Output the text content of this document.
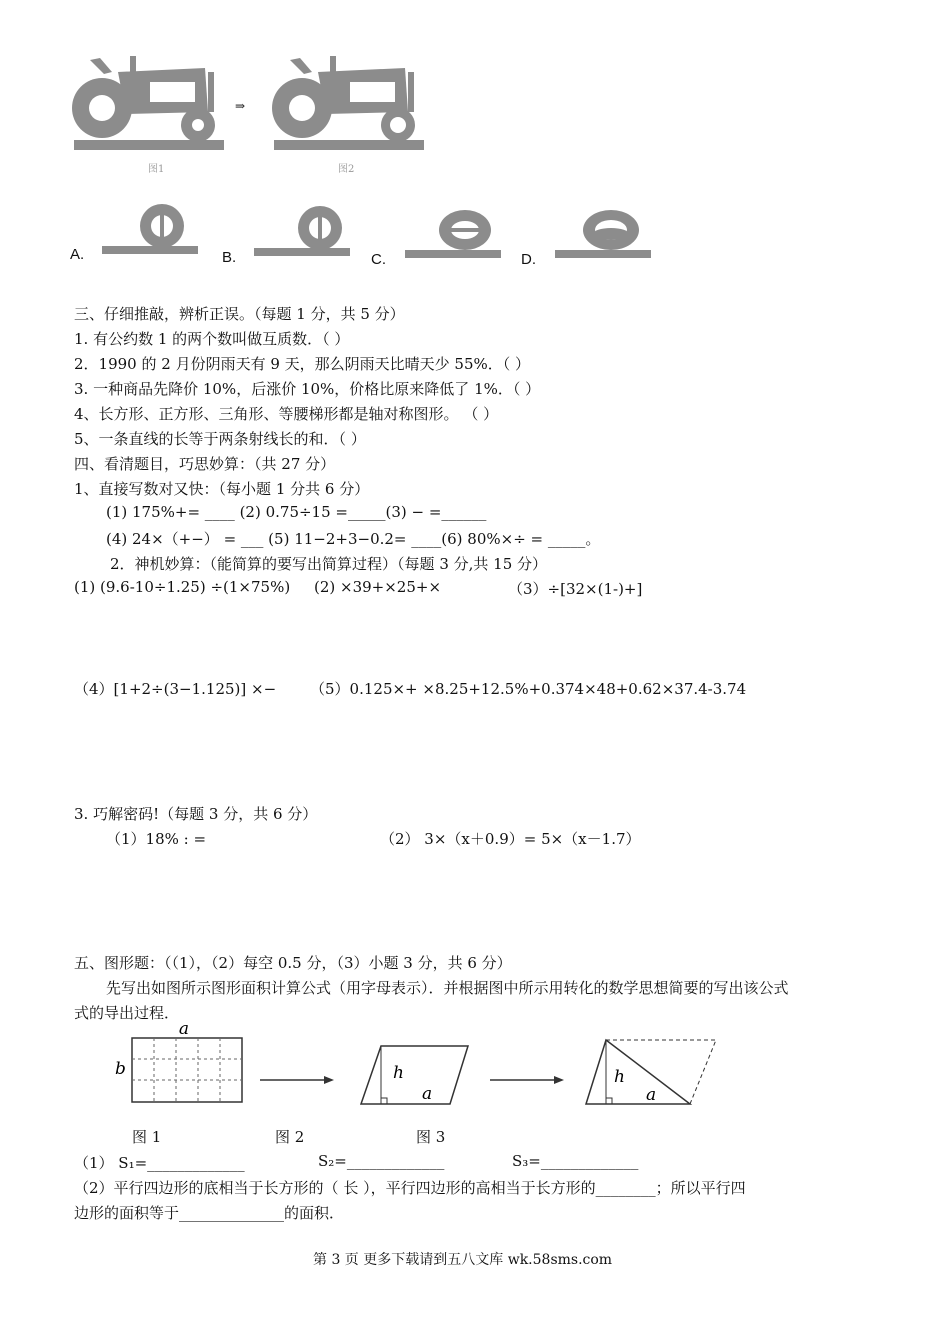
⇒
图1	图2
A.	B.	C.	D.
三、仔细推敲，辨析正误。（每题 1 分，共 5 分）
1. 有公约数 1 的两个数叫做互质数．（ ）
2．1990 的 2 月份阴雨天有 9 天，那么阴雨天比晴天少 55%．（ ）
3. 一种商品先降价 10%，后涨价 10%，价格比原来降低了 1%．（ ）
4、长方形、正方形、三角形、等腰梯形都是轴对称图形。 （ ）
5、一条直线的长等于两条射线长的和．（ ）
四、看清题目，巧思妙算：（共 27 分）
1、直接写数对又快：（每小题 1 分共 6 分）
(1) 175%+= ____ (2) 0.75÷15 =_____(3) − =______
(4) 24×（+−） = ___ (5) 11−2+3−0.2= ____(6) 80%×÷ = _____。
2．神机妙算：（能简算的要写出简算过程）（每题 3 分,共 15 分）
(1) (9.6-10÷1.25) ÷(1×75%) (2) ×39+×25+×	（3）÷[32×(1-)+]
（4）[1+2÷(3−1.125)] ×− （5）0.125×+ ×8.25+12.5%+0.374×48+0.62×37.4-3.74
3. 巧解密码!（每题 3 分，共 6 分）
（1）18% : =	（2） 3×（x＋0.9）= 5×（x－1.7）
五、图形题：（（1），（2）每空 0.5 分，（3）小题 3 分，共 6 分）
先写出如图所示图形面积计算公式（用字母表示）．并根据图中所示用转化的数学思想简要的写出该公式
式的导出过程．
a
b	h
a
h
a
图 1	图 2	图 3
（1） S₁=_____________	S₂=_____________	S₃=_____________
（2）平行四边形的底相当于长方形的（ 长 ），平行四边形的高相当于长方形的________；所以平行四
边形的面积等于______________的面积．
第 3 页 更多下载请到五八文库 wk.58sms.com
